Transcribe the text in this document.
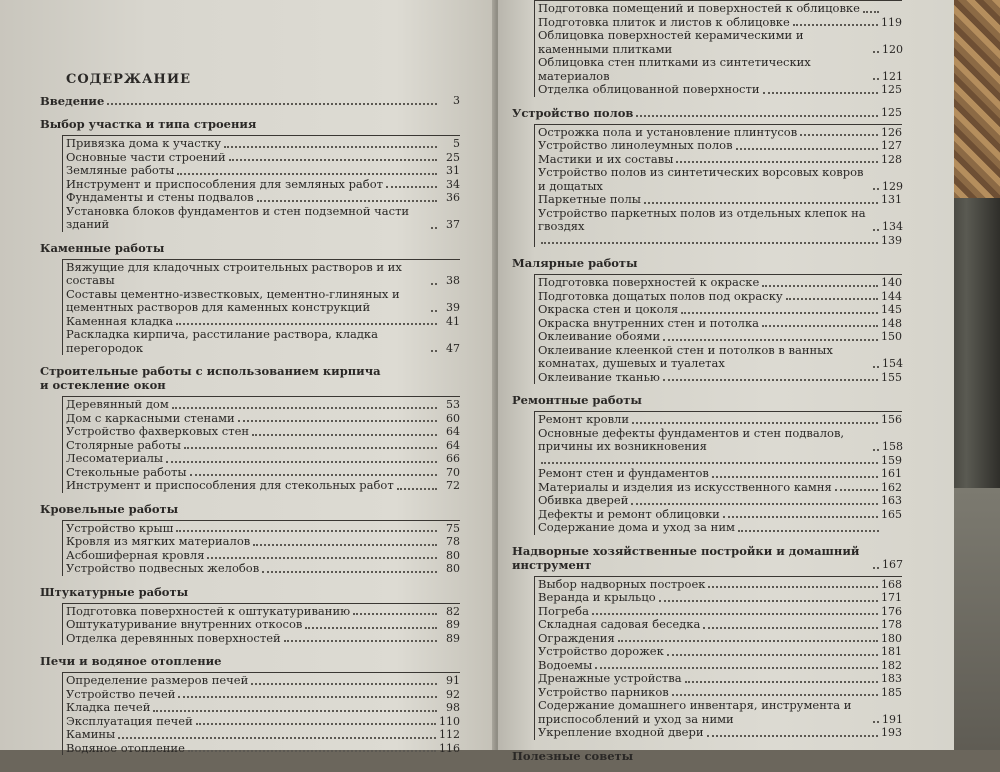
СОДЕРЖАНИЕ
Введение	3
Выбор участка и типа строения
Привязка дома к участку	5
Основные части строений	25
Земляные работы	31
Инструмент и приспособления для земляных работ	34
Фундаменты и стены подвалов	36
Установка блоков фундаментов и стен подземной части зданий	37
Каменные работы
Вяжущие для кладочных строительных растворов и их составы	38
Составы цементно-известковых, цементно-глиняных и цементных растворов для каменных конструкций	39
Каменная кладка	41
Раскладка кирпича, расстилание раствора, кладка перегородок	47
Строительные работы с использованием кирпича
и остекление окон
Деревянный дом	53
Дом с каркасными стенами	60
Устройство фахверковых стен	64
Столярные работы	64
Лесоматериалы	66
Стекольные работы	70
Инструмент и приспособления для стекольных работ	72
Кровельные работы
Устройство крыш	75
Кровля из мягких материалов	78
Асбошиферная кровля	80
Устройство подвесных желобов	80
Штукатурные работы
Подготовка поверхностей к оштукатуриванию	82
Оштукатуривание внутренних откосов	89
Отделка деревянных поверхностей	89
Печи и водяное отопление
Определение размеров печей	91
Устройство печей	92
Кладка печей	98
Эксплуатация печей	110
Камины	112
Водяное отопление	116
Подготовка помещений и поверхностей к облицовке
Подготовка плиток и листов к облицовке	119
Облицовка поверхностей керамическими и каменными плитками	120
Облицовка стен плитками из синтетических материалов	121
Отделка облицованной поверхности	125
Устройство полов	125
Острожка пола и установление плинтусов	126
Устройство линолеумных полов	127
Мастики и их составы	128
Устройство полов из синтетических ворсовых ковров и дощатых	129
Паркетные полы	131
Устройство паркетных полов из отдельных клепок на гвоздях	134
139
Малярные работы
Подготовка поверхностей к окраске	140
Подготовка дощатых полов под окраску	144
Окраска стен и цоколя	145
Окраска внутренних стен и потолка	148
Оклеивание обоями	150
Оклеивание клеенкой стен и потолков в ванных комнатах, душевых и туалетах	154
Оклеивание тканью	155
Ремонтные работы
Ремонт кровли	156
Основные дефекты фундаментов и стен подвалов, причины их возникновения	158
159
Ремонт стен и фундаментов	161
Материалы и изделия из искусственного камня	162
Обивка дверей	163
Дефекты и ремонт облицовки	165
Содержание дома и уход за ним
Надворные хозяйственные постройки и домашний инструмент	167
Выбор надворных построек	168
Веранда и крыльцо	171
Погреба	176
Складная садовая беседка	178
Ограждения	180
Устройство дорожек	181
Водоемы	182
Дренажные устройства	183
Устройство парников	185
Содержание домашнего инвентаря, инструмента и приспособлений и уход за ними	191
Укрепление входной двери	193
Полезные советы
